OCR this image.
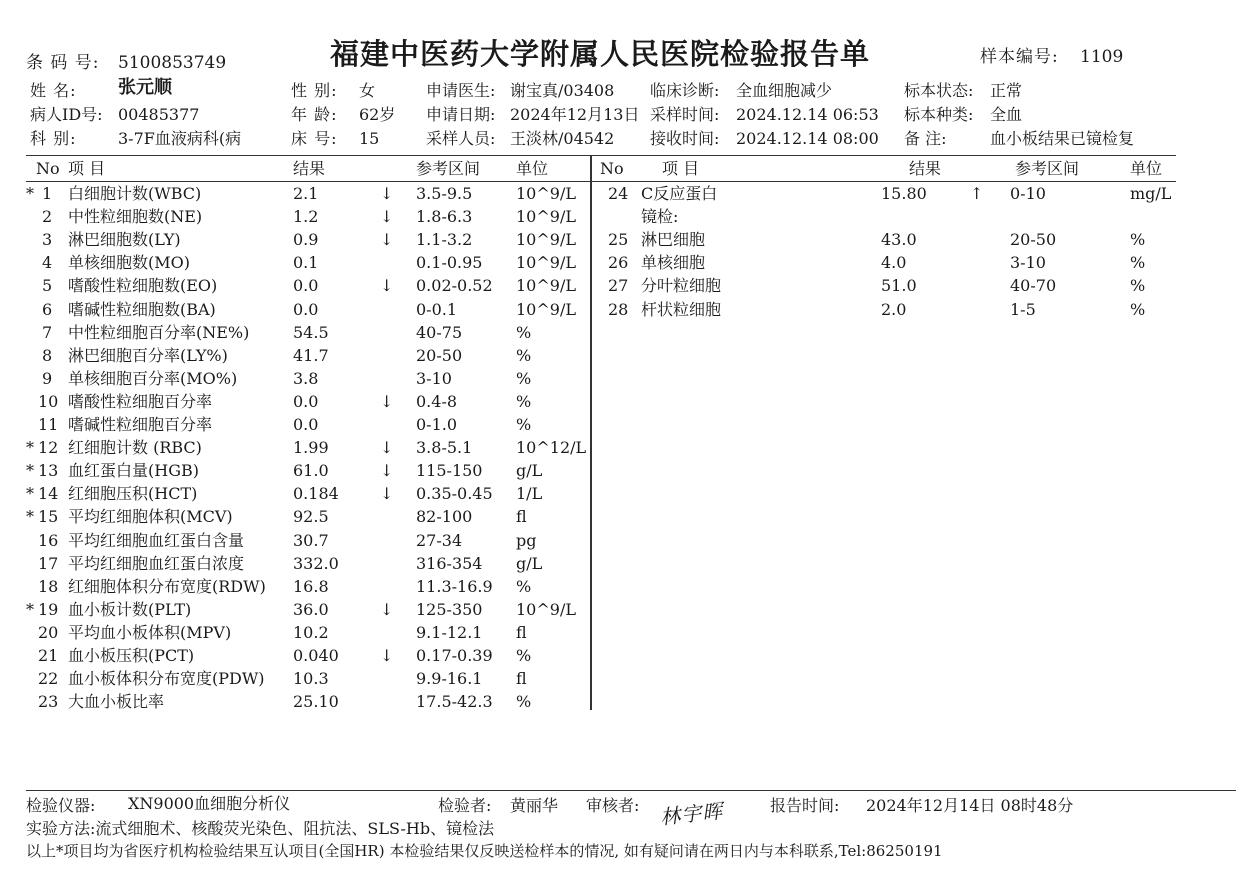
福建中医药大学附属人民医院检验报告单
条 码 号: 5100853749	样本编号: 1109
姓 名: 张元顺
病人ID号: 00485377
科 别:	3-7F血液病科(病
性 别: 女
年 龄: 62岁
床 号: 15
申请医生: 谢宝真/03408
申请日期: 2024年12月13日
采样人员: 王淡林/04542
临床诊断: 全血细胞减少
采样时间: 2024.12.14 06:53
接收时间: 2024.12.14 08:00
标本状态: 正常
标本种类: 全血
备 注:	血小板结果已镜检复
No 项 目	结果	参考区间 单位	No 项 目	结果	参考区间	单位
* 1 白细胞计数(WBC)	2.1	↓ 3.5-9.5	10^9/L
2 中性粒细胞数(NE)	1.2	↓ 1.8-6.3	10^9/L
3 淋巴细胞数(LY)	0.9	↓ 1.1-3.2	10^9/L
4 单核细胞数(MO)	0.1	0.1-0.95 10^9/L
5 嗜酸性粒细胞数(EO)	0.0	↓ 0.02-0.52 10^9/L
6 嗜碱性粒细胞数(BA)	0.0	0-0.1	10^9/L
7 中性粒细胞百分率(NE%)	54.5	40-75	%
8 淋巴细胞百分率(LY%)	41.7	20-50	%
9 单核细胞百分率(MO%)	3.8	3-10	%
10 嗜酸性粒细胞百分率	0.0	↓ 0.4-8	%
11 嗜碱性粒细胞百分率	0.0	0-1.0	%
* 12 红细胞计数 (RBC)	1.99	↓ 3.8-5.1	10^12/L
* 13 血红蛋白量(HGB)	61.0	↓ 115-150 g/L
* 14 红细胞压积(HCT)	0.184	↓ 0.35-0.45 1/L
* 15 平均红细胞体积(MCV)	92.5	82-100	fl
16 平均红细胞血红蛋白含量	30.7	27-34	pg
17 平均红细胞血红蛋白浓度	332.0	316-354 g/L
18 红细胞体积分布宽度(RDW) 16.8	11.3-16.9 %
* 19 血小板计数(PLT)	36.0	↓ 125-350 10^9/L
20 平均血小板体积(MPV)	10.2	9.1-12.1 fl
21 血小板压积(PCT)	0.040	↓ 0.17-0.39 %
22 血小板体积分布宽度(PDW) 10.3	9.9-16.1 fl
23 大血小板比率	25.10	17.5-42.3 %
24 C反应蛋白	15.80	↑ 0-10	mg/L
镜检:
25 淋巴细胞	43.0	20-50	%
26 单核细胞	4.0	3-10	%
27 分叶粒细胞	51.0	40-70	%
28 杆状粒细胞	2.0	1-5	%
检验仪器: XN9000血细胞分析仪	检验者: 黄丽华 审核者: 林宇晖	报告时间: 2024年12月14日 08时48分
实验方法:流式细胞术、核酸荧光染色、阻抗法、SLS-Hb、镜检法
以上*项目均为省医疗机构检验结果互认项目(全国HR) 本检验结果仅反映送检样本的情况, 如有疑问请在两日内与本科联系,Tel:86250191
